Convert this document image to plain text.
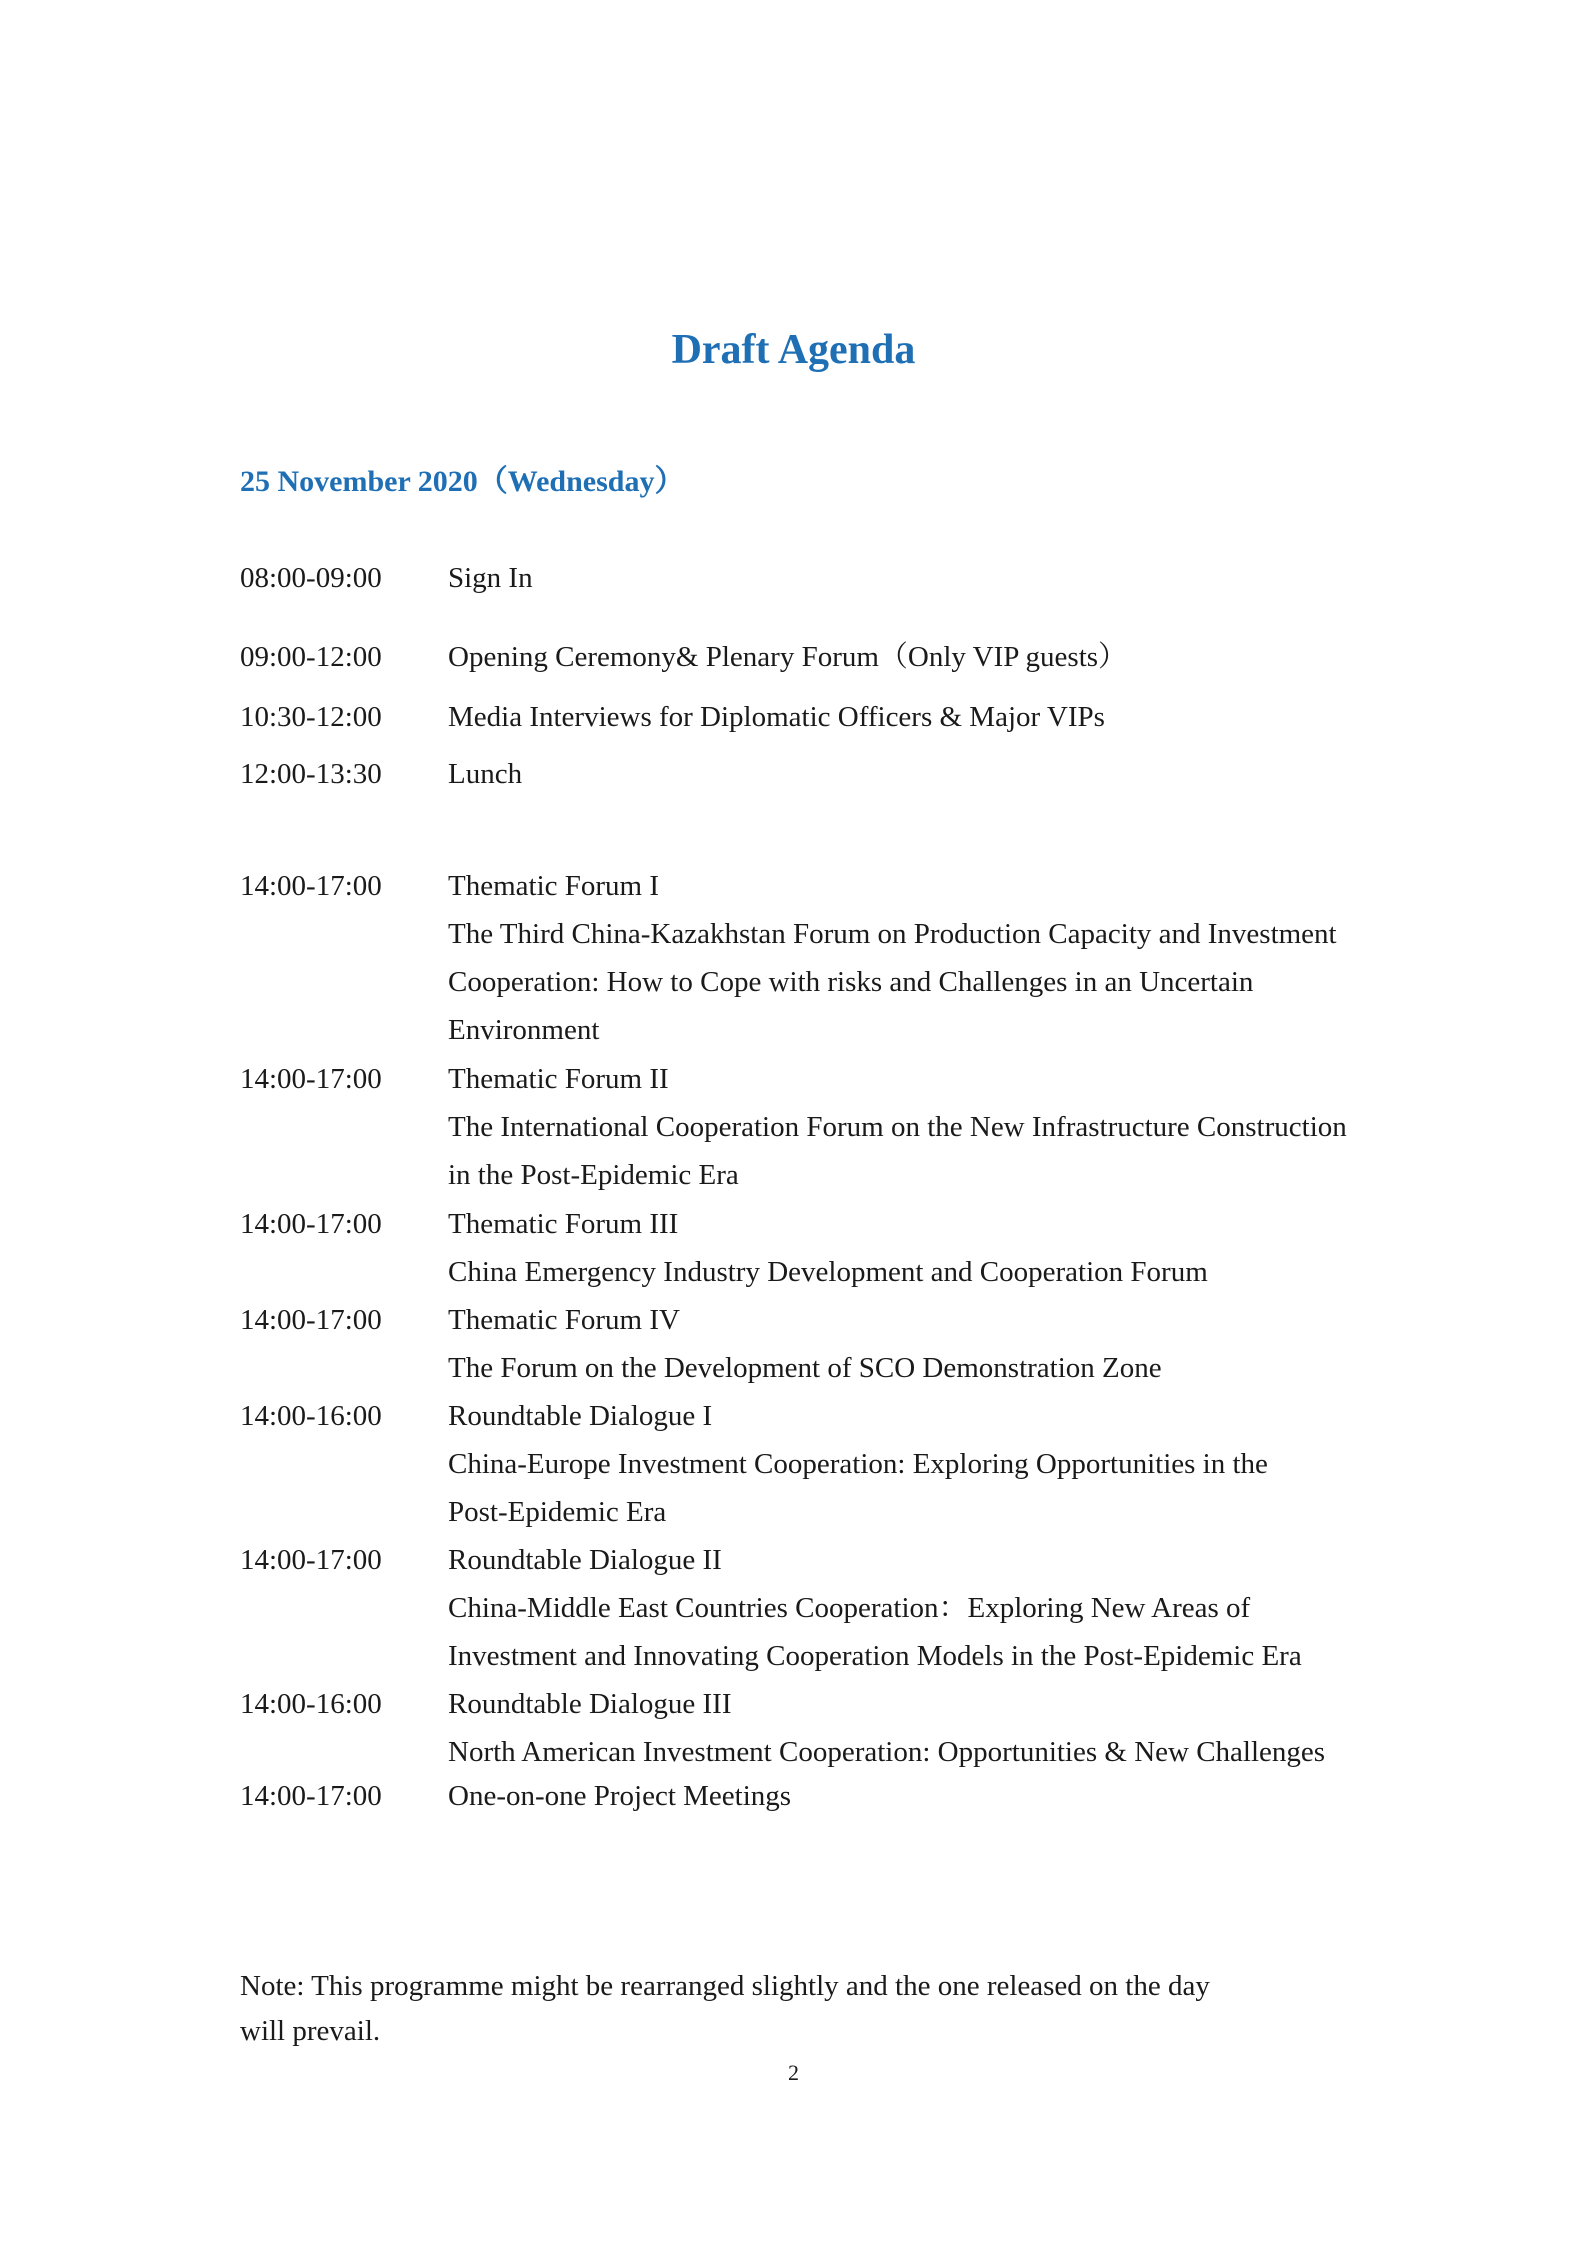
Draft Agenda
25 November 2020（Wednesday）
08:00-09:00 Sign In
09:00-12:00 Opening Ceremony& Plenary Forum（Only VIP guests）
10:30-12:00 Media Interviews for Diplomatic Officers & Major VIPs
12:00-13:30 Lunch
14:00-17:00 Thematic Forum I
The Third China-Kazakhstan Forum on Production Capacity and Investment
Cooperation: How to Cope with risks and Challenges in an Uncertain
Environment
14:00-17:00 Thematic Forum II
The International Cooperation Forum on the New Infrastructure Construction
in the Post-Epidemic Era
14:00-17:00 Thematic Forum III
China Emergency Industry Development and Cooperation Forum
14:00-17:00 Thematic Forum IV
The Forum on the Development of SCO Demonstration Zone
14:00-16:00 Roundtable Dialogue I
China-Europe Investment Cooperation: Exploring Opportunities in the
Post-Epidemic Era
14:00-17:00 Roundtable Dialogue II
China-Middle East Countries Cooperation：Exploring New Areas of
Investment and Innovating Cooperation Models in the Post-Epidemic Era
14:00-16:00 Roundtable Dialogue III
North American Investment Cooperation: Opportunities & New Challenges
14:00-17:00 One-on-one Project Meetings
Note: This programme might be rearranged slightly and the one released on the day
will prevail.
2
